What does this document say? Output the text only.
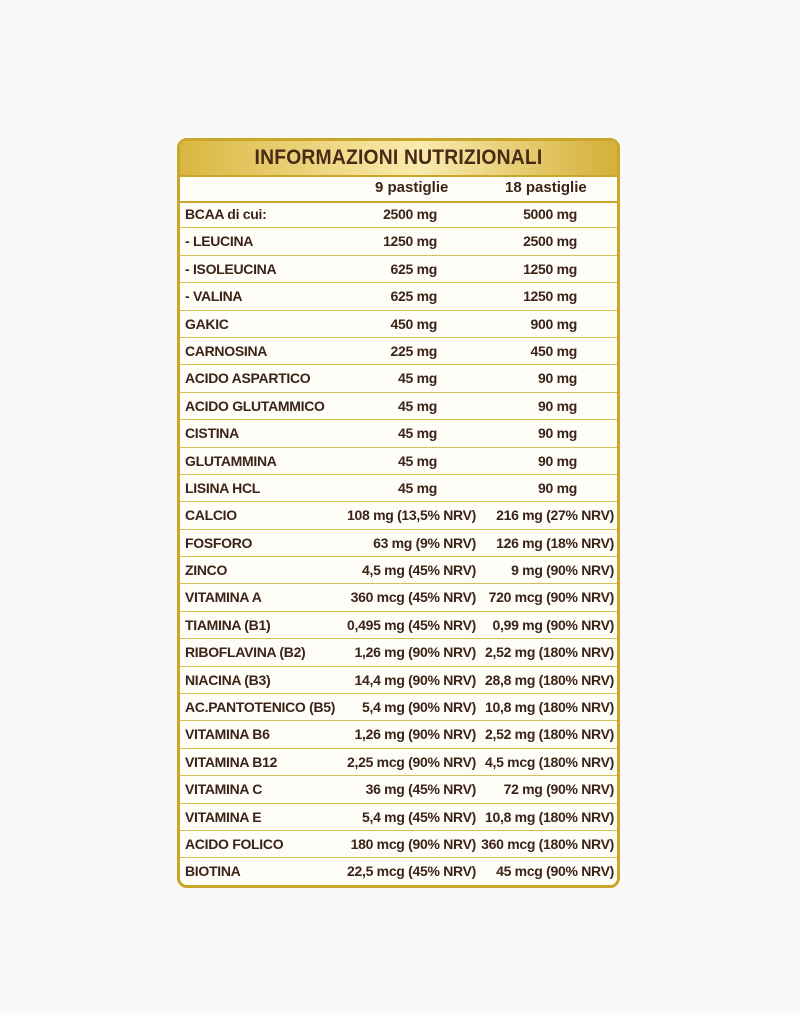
INFORMAZIONI NUTRIZIONALI
9 pastiglie	18 pastiglie
BCAA di cui:	2500 mg	5000 mg
- LEUCINA	1250 mg	2500 mg
- ISOLEUCINA	625 mg	1250 mg
- VALINA	625 mg	1250 mg
GAKIC	450 mg	900 mg
CARNOSINA	225 mg	450 mg
ACIDO ASPARTICO	45 mg	90 mg
ACIDO GLUTAMMICO	45 mg	90 mg
CISTINA	45 mg	90 mg
GLUTAMMINA	45 mg	90 mg
LISINA HCL	45 mg	90 mg
CALCIO	108 mg (13,5% NRV) 216 mg (27% NRV)
FOSFORO	63 mg (9% NRV) 126 mg (18% NRV)
ZINCO	4,5 mg (45% NRV)	9 mg (90% NRV)
VITAMINA A	360 mcg (45% NRV) 720 mcg (90% NRV)
TIAMINA (B1)	0,495 mg (45% NRV) 0,99 mg (90% NRV)
RIBOFLAVINA (B2)	1,26 mg (90% NRV) 2,52 mg (180% NRV)
NIACINA (B3)	14,4 mg (90% NRV) 28,8 mg (180% NRV)
AC.PANTOTENICO (B5) 5,4 mg (90% NRV) 10,8 mg (180% NRV)
VITAMINA B6	1,26 mg (90% NRV) 2,52 mg (180% NRV)
VITAMINA B12	2,25 mcg (90% NRV) 4,5 mcg (180% NRV)
VITAMINA C	36 mg (45% NRV) 72 mg (90% NRV)
VITAMINA E	5,4 mg (45% NRV) 10,8 mg (180% NRV)
ACIDO FOLICO	180 mcg (90% NRV) 360 mcg (180% NRV)
BIOTINA	22,5 mcg (45% NRV) 45 mcg (90% NRV)
